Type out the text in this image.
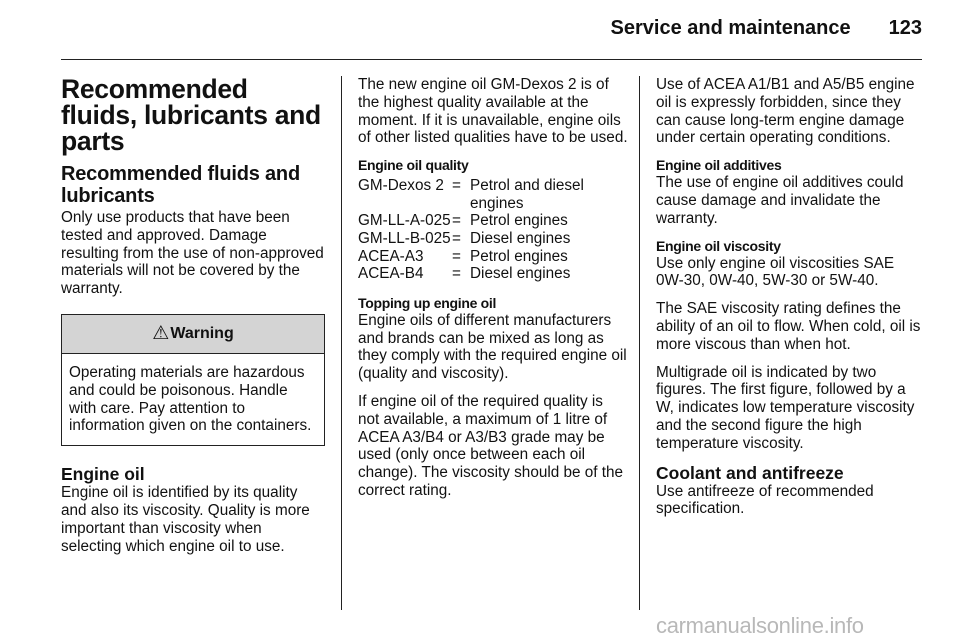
Service and maintenance 123
Recommended fluids, lubricants and parts
Recommended fluids and lubricants

Only use products that have been tested and approved. Damage resulting from the use of non-approved materials will not be covered by the warranty.

⚠ Warning
Operating materials are hazardous and could be poisonous. Handle with care. Pay attention to information given on the containers.
Engine oil

Engine oil is identified by its quality and also its viscosity. Quality is more important than viscosity when selecting which engine oil to use.

The new engine oil GM-Dexos 2 is of the highest quality available at the moment. If it is unavailable, engine oils of other listed qualities have to be used.

Engine oil quality
GM-Dexos 2	=	Petrol and diesel engines
GM-LL-A-025	=	Petrol engines
GM-LL-B-025	=	Diesel engines
ACEA-A3	=	Petrol engines
ACEA-B4	=	Diesel engines
Topping up engine oil

Engine oils of different manufacturers and brands can be mixed as long as they comply with the required engine oil (quality and viscosity).

If engine oil of the required quality is not available, a maximum of 1 litre of ACEA A3/B4 or A3/B3 grade may be used (only once between each oil change). The viscosity should be of the correct rating.

Use of ACEA A1/B1 and A5/B5 engine oil is expressly forbidden, since they can cause long-term engine damage under certain operating conditions.

Engine oil additives

The use of engine oil additives could cause damage and invalidate the warranty.

Engine oil viscosity

Use only engine oil viscosities SAE 0W-30, 0W-40, 5W-30 or 5W-40.

The SAE viscosity rating defines the ability of an oil to flow. When cold, oil is more viscous than when hot.

Multigrade oil is indicated by two figures. The first figure, followed by a W, indicates low temperature viscosity and the second figure the high temperature viscosity.

Coolant and antifreeze

Use antifreeze of recommended specification.

carmanualsonline.info
